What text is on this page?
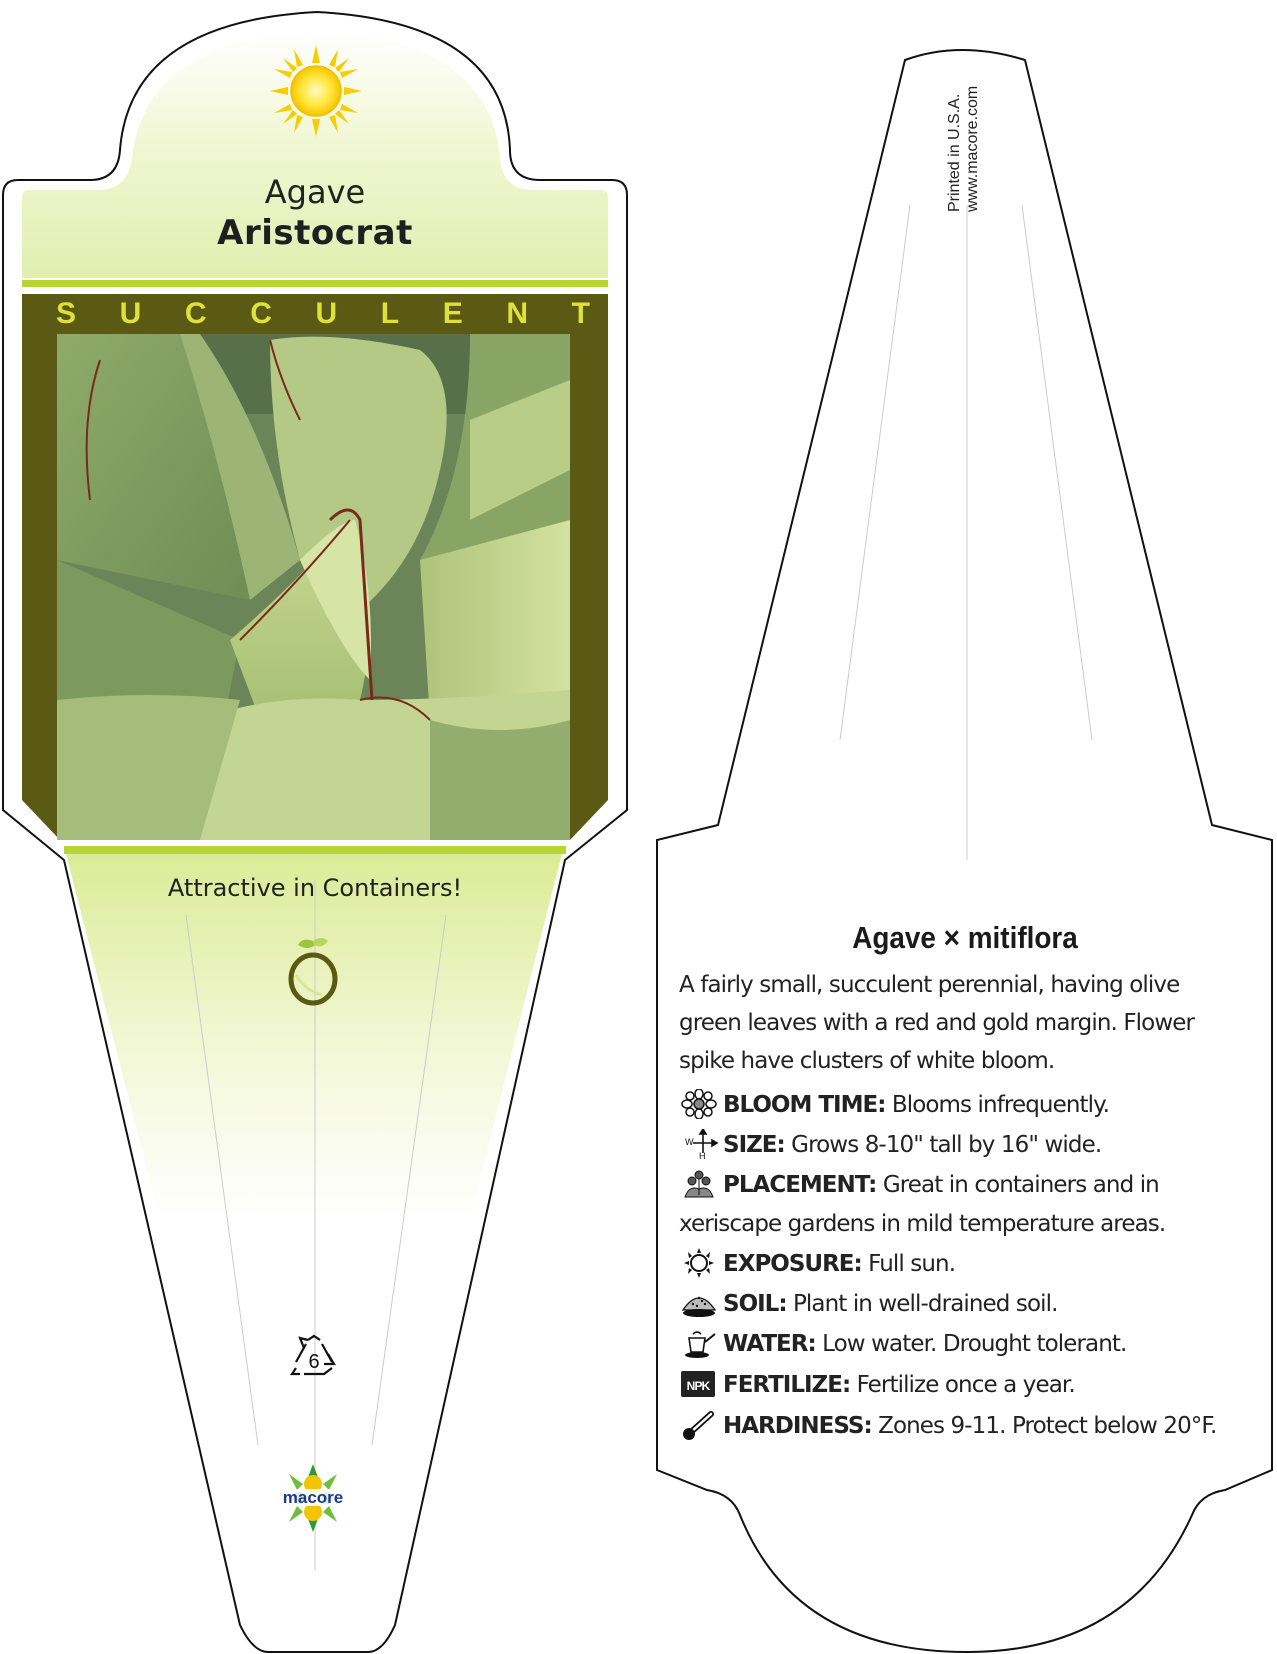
Agave
Aristocrat
S U C C U L E N T
Attractive in Containers!
6
macore
Printed in U.S.A. www.macore.com
Agave × mitiflora
A fairly small, succulent perennial, having olive green leaves with a red and gold margin. Flower spike have clusters of white bloom.
BLOOM TIME: Blooms infrequently.
W
H SIZE: Grows 8-10" tall by 16" wide.
PLACEMENT: Great in containers and in xeriscape gardens in mild temperature areas.
EXPOSURE: Full sun.
SOIL: Plant in well-drained soil.
WATER: Low water. Drought tolerant.
NPK FERTILIZE: Fertilize once a year.
HARDINESS: Zones 9-11. Protect below 20°F.
